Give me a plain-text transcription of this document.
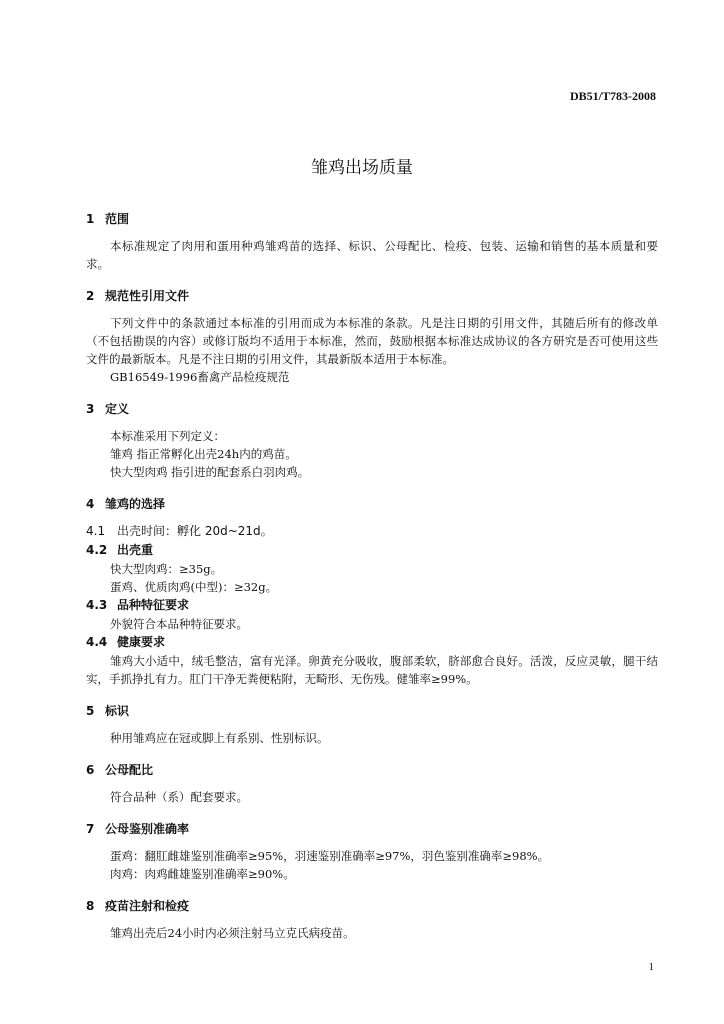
DB51/T783-2008
雏鸡出场质量
1 范围

本标准规定了肉用和蛋用种鸡雏鸡苗的选择、标识、公母配比、检疫、包装、运输和销售的基本质量和要求。

2 规范性引用文件

下列文件中的条款通过本标准的引用而成为本标准的条款。凡是注日期的引用文件，其随后所有的修改单（不包括勘误的内容）或修订版均不适用于本标准，然而，鼓励根据本标准达成协议的各方研究是否可使用这些文件的最新版本。凡是不注日期的引用文件，其最新版本适用于本标准。

GB16549-1996畜禽产品检疫规范
3 定义
本标准采用下列定义：
雏鸡 指正常孵化出壳24h内的鸡苗。
快大型肉鸡 指引进的配套系白羽肉鸡。
4 雏鸡的选择
4.1 出壳时间：孵化 20d~21d。
4.2 出壳重
快大型肉鸡：≥35g。
蛋鸡、优质肉鸡(中型)：≥32g。
4.3 品种特征要求
外貌符合本品种特征要求。
4.4 健康要求

雏鸡大小适中，绒毛整洁，富有光泽。卵黄充分吸收，腹部柔软，脐部愈合良好。活泼，反应灵敏，腿干结实，手抓挣扎有力。肛门干净无粪便粘附，无畸形、无伤残。健雏率≥99%。

5 标识
种用雏鸡应在冠或脚上有系别、性别标识。
6 公母配比
符合品种（系）配套要求。
7 公母鉴别准确率
蛋鸡：翻肛雌雄鉴别准确率≥95%，羽速鉴别准确率≥97%，羽色鉴别准确率≥98%。
肉鸡：肉鸡雌雄鉴别准确率≥90%。
8 疫苗注射和检疫
雏鸡出壳后24小时内必须注射马立克氏病疫苗。
1
